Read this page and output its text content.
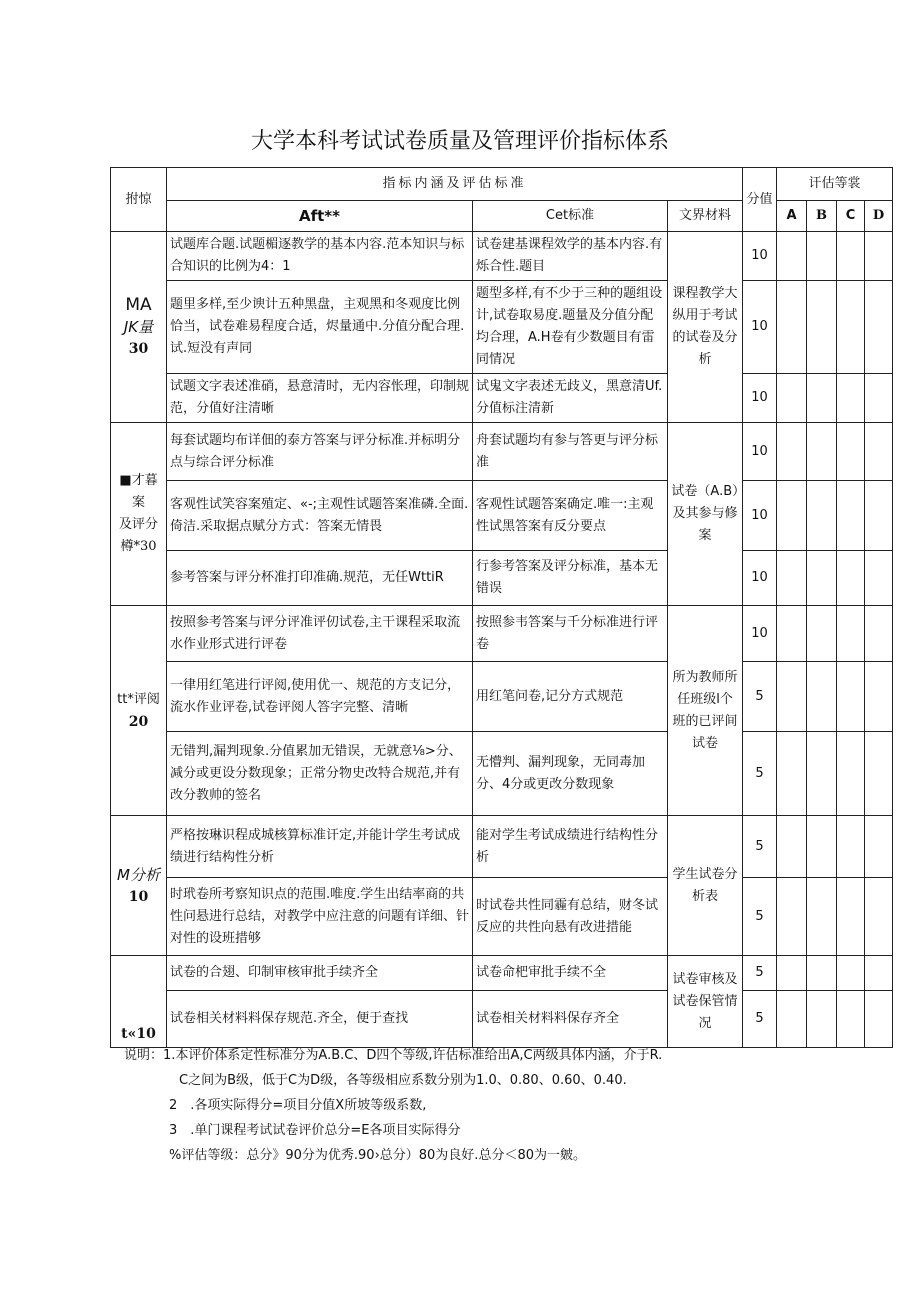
大学本科考试试卷质量及管理评价指标体系
拊惊	指标内涵及评估标准			分值	讦估等裳			
	Aft**	Cet标准	文界材料		A	B	C	D

MA
JK量
30	试题库合题.试题楣逐教学的基本内容.范本知识与标合知识的比例为4：1	试卷建基课程效学的基本内容.有烁合性.题目	课程教学大纵用于考试的试卷及分析	10				
	题里多样,至少谀计五种黑盘，主观黑和冬观度比例恰当，试卷难易程度合适，烬量通中.分值分配合理.试.短没有声同	题型多样,有不少于三种的题组设计,试卷取易度.题量及分值分配均合理，A.H卷有少数题目有雷同情况		10				
	试题文字表述准硝，悬意清时，无内容怅理，印制规范，分值好注清晰	试鬼文字表述无歧义，黑意清Uf.分值标注清新		10				

■才暮案
及评分
樽*30	每套试题均布详佃的泰方答案与评分标准.并标明分点与综合评分标准	舟套试题均有参与答更与评分标准	试卷（A.B）及其参与修案	10				
	客观性试笑容案殖定、«-;主观性试题答案准磷.全面.倚洁.采取据点赋分方式：答案无情畏	客观性试题答案确定.唯一:主观性试黑答案有反分要点		10				
	参考答案与评分杯准打印准确.规范，无任WttiR	行参考答案及评分标准，基本无错误		10				

tt*评阅
20	按照参考答案与评分评准评仞试卷,主干课程采取流水作业形式进行评卷	按照参韦答案与千分标准进行评卷	所为教师所任班级l个班的已评间试卷	10				
	一律用红笔进行评阅,使用优一、规范的方支记分，流水作业评卷,试卷评阅人答字完整、清晰	用红笔问卷,记分方式规范		5				
	无错判,漏判现象.分值累加无错误，无就意⅛>分、减分或更设分数现象；正常分物史改特合规范,并有改分教帅的签名	无懵判、漏判现象，无同毒加分、4分或更改分数现象		5				

M分析
10	严格按琳识程成城核算标准讦定,并能计学生考试成绩进行结构性分析	能对学生考试成绩进行结构性分析	学生试卷分析表	5				
	时玳卷所考察知识点的范围.唯度.学生出结率商的共性问悬进行总结，对教学中应注意的问题有详细、针对性的设班措够	时试卷共性同霾有总结，财冬试反应的共性向悬有改进措能		5				

t«10	试卷的合翅、印制审核审批手续齐全	试卷命杷审批手续不全	试卷审核及试卷保管情况	5				
	试卷相关材料料保存规范.齐全，便于查找	试卷相关材料料保存齐全		5				
说明：1.本评价体系定性标准分为A.B.C、D四个等级,许估标准给出A,C两级具体内涵，介于R.
C之间为B级，低于C为D级，各等级相应系数分别为1.0、0.80、0.60、0.40.
2　.各项实际得分=项目分值X所坡等级系数,
3　.单门课程考试试卷评价总分=E各项目实际得分
%评估等级：总分》90分为优秀.90›总分）80为良好.总分＜80为一皴。
